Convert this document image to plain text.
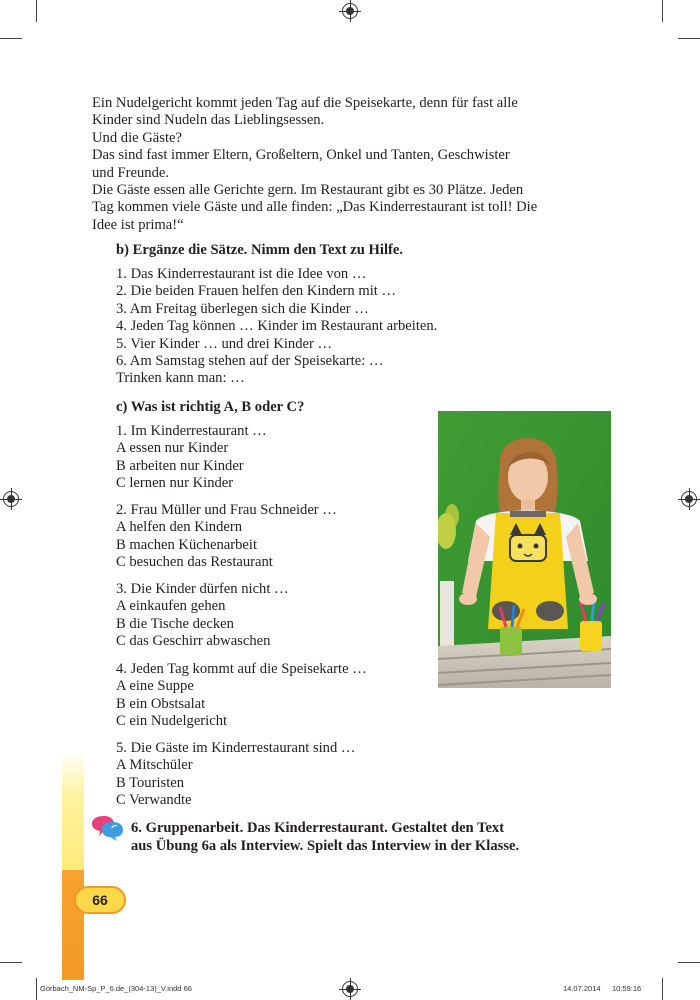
Ein Nudelgericht kommt jeden Tag auf die Speisekarte, denn für fast alle
Kinder sind Nudeln das Lieblingsessen.
Und die Gäste?
Das sind fast immer Eltern, Großeltern, Onkel und Tanten, Geschwister
und Freunde.
Die Gäste essen alle Gerichte gern. Im Restaurant gibt es 30 Plätze. Jeden
Tag kommen viele Gäste und alle finden: „Das Kinderrestaurant ist toll! Die
Idee ist prima!“
b) Ergänze die Sätze. Nimm den Text zu Hilfe.
1. Das Kinderrestaurant ist die Idee von …
2. Die beiden Frauen helfen den Kindern mit …
3. Am Freitag überlegen sich die Kinder …
4. Jeden Tag können … Kinder im Restaurant arbeiten.
5. Vier Kinder … und drei Kinder …
6. Am Samstag stehen auf der Speisekarte: …
Trinken kann man: …
c) Was ist richtig A, B oder C?
1. Im Kinderrestaurant …
A essen nur Kinder
B arbeiten nur Kinder
C lernen nur Kinder
2. Frau Müller und Frau Schneider …
A helfen den Kindern
B machen Küchenarbeit
C besuchen das Restaurant
3. Die Kinder dürfen nicht …
A einkaufen gehen
B die Tische decken
C das Geschirr abwaschen
4. Jeden Tag kommt auf die Speisekarte …
A eine Suppe
B ein Obstsalat
C ein Nudelgericht
5. Die Gäste im Kinderrestaurant sind …
A Mitschüler
B Touristen
C Verwandte
6. Gruppenarbeit. Das Kinderrestaurant. Gestaltet den Text
aus Übung 6a als Interview. Spielt das Interview in der Klasse.
66
Gorbach_NM-Sp_P_6.de_(304-13)_V.indd 66	14.07.2014 10:59:16
